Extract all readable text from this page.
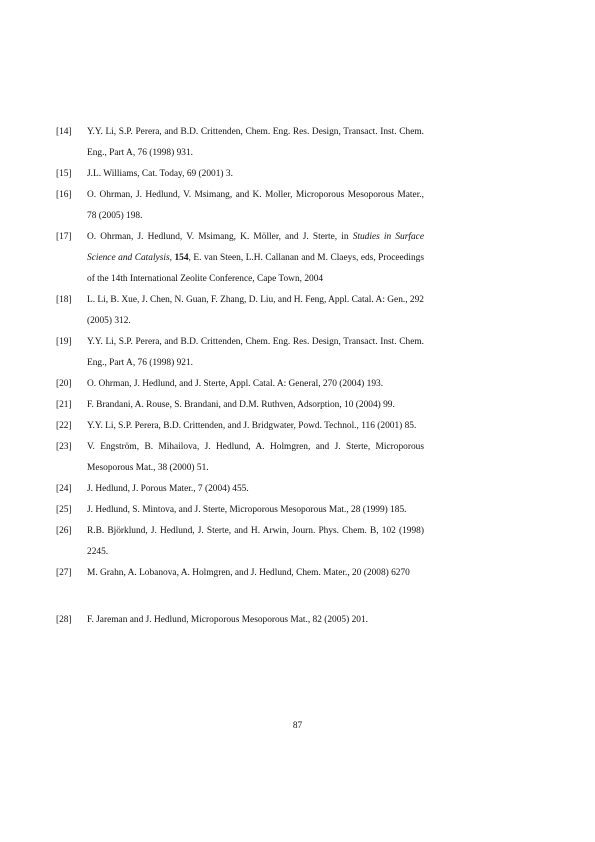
[14]	Y.Y. Li, S.P. Perera, and B.D. Crittenden, Chem. Eng. Res. Design, Transact. Inst. Chem. Eng., Part A, 76 (1998) 931.
[15]	J.L. Williams, Cat. Today, 69 (2001) 3.
[16]	O. Ohrman, J. Hedlund, V. Msimang, and K. Moller, Microporous Mesoporous Mater., 78 (2005) 198.
[17]	O. Ohrman, J. Hedlund, V. Msimang, K. Möller, and J. Sterte, in Studies in Surface Science and Catalysis, 154, E. van Steen, L.H. Callanan and M. Claeys, eds, Proceedings of the 14th International Zeolite Conference, Cape Town, 2004
[18]	L. Li, B. Xue, J. Chen, N. Guan, F. Zhang, D. Liu, and H. Feng, Appl. Catal. A: Gen., 292 (2005) 312.
[19]	Y.Y. Li, S.P. Perera, and B.D. Crittenden, Chem. Eng. Res. Design, Transact. Inst. Chem. Eng., Part A, 76 (1998) 921.
[20]	O. Ohrman, J. Hedlund, and J. Sterte, Appl. Catal. A: General, 270 (2004) 193.
[21]	F. Brandani, A. Rouse, S. Brandani, and D.M. Ruthven, Adsorption, 10 (2004) 99.
[22]	Y.Y. Li, S.P. Perera, B.D. Crittenden, and J. Bridgwater, Powd. Technol., 116 (2001) 85.
[23]	V. Engström, B. Mihailova, J. Hedlund, A. Holmgren, and J. Sterte, Microporous Mesoporous Mat., 38 (2000) 51.
[24]	J. Hedlund, J. Porous Mater., 7 (2004) 455.
[25]	J. Hedlund, S. Mintova, and J. Sterte, Microporous Mesoporous Mat., 28 (1999) 185.
[26]	R.B. Björklund, J. Hedlund, J. Sterte, and H. Arwin, Journ. Phys. Chem. B, 102 (1998) 2245.
[27]	M. Grahn, A. Lobanova, A. Holmgren, and J. Hedlund, Chem. Mater., 20 (2008) 6270
[28]	F. Jareman and J. Hedlund, Microporous Mesoporous Mat., 82 (2005) 201.
87
